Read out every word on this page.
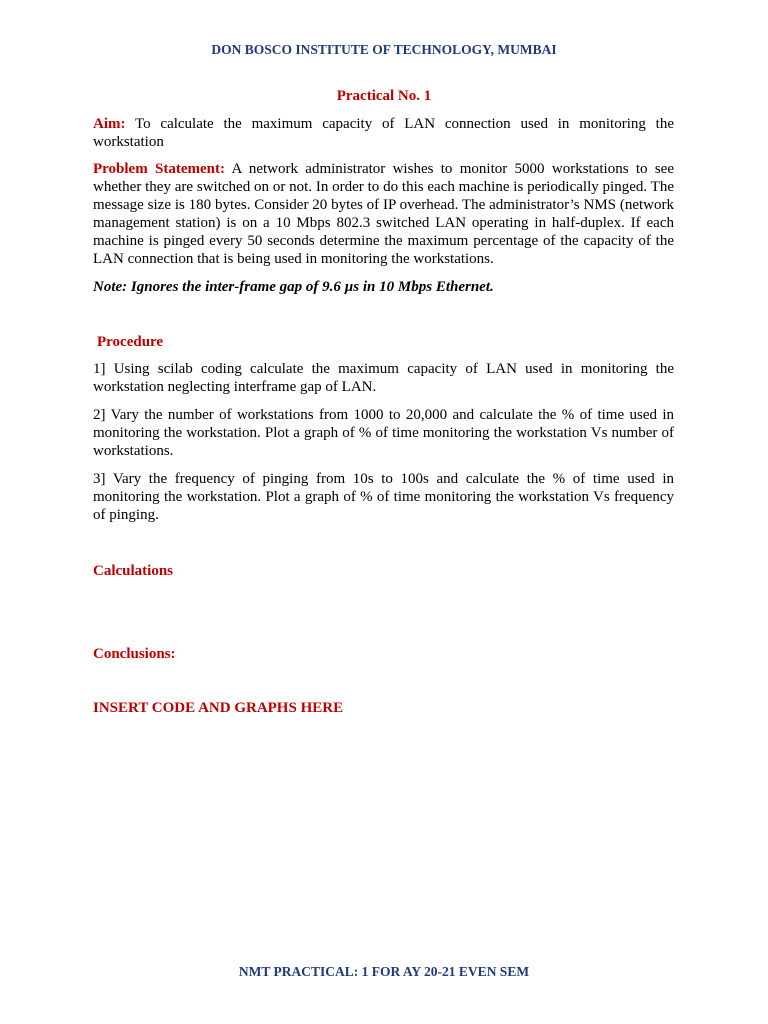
DON BOSCO INSTITUTE OF TECHNOLOGY, MUMBAI
Practical No. 1

Aim: To calculate the maximum capacity of LAN connection used in monitoring the workstation

Problem Statement: A network administrator wishes to monitor 5000 workstations to see whether they are switched on or not. In order to do this each machine is periodically pinged. The message size is 180 bytes. Consider 20 bytes of IP overhead. The administrator’s NMS (network management station) is on a 10 Mbps 802.3 switched LAN operating in half-duplex. If each machine is pinged every 50 seconds determine the maximum percentage of the capacity of the LAN connection that is being used in monitoring the workstations.

Note: Ignores the inter-frame gap of 9.6 µs in 10 Mbps Ethernet.

Procedure

1] Using scilab coding calculate the maximum capacity of LAN used in monitoring the workstation neglecting interframe gap of LAN.

2] Vary the number of workstations from 1000 to 20,000 and calculate the % of time used in monitoring the workstation. Plot a graph of % of time monitoring the workstation Vs number of workstations.

3] Vary the frequency of pinging from 10s to 100s and calculate the % of time used in monitoring the workstation. Plot a graph of % of time monitoring the workstation Vs frequency of pinging.

Calculations

Conclusions:

INSERT CODE AND GRAPHS HERE

NMT PRACTICAL: 1 FOR AY 20-21 EVEN SEM
